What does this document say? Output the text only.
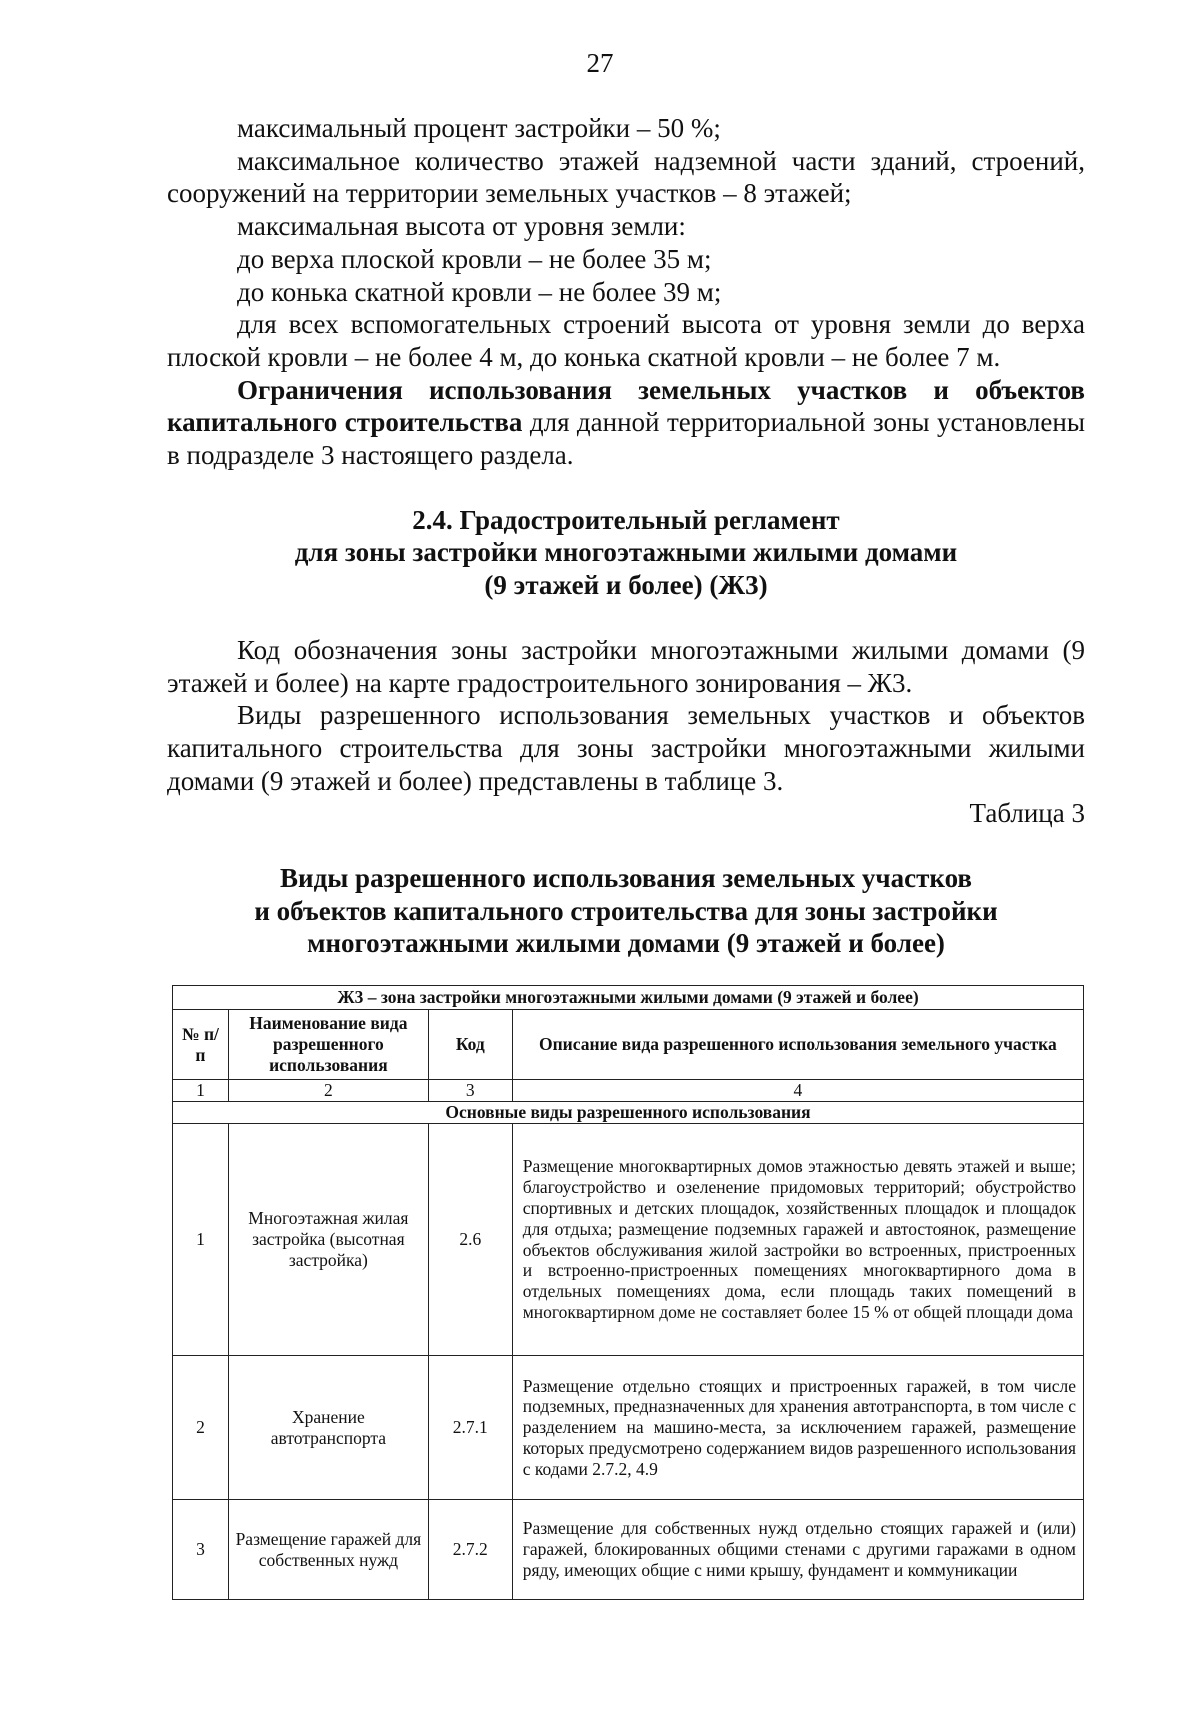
27

максимальный процент застройки – 50 %;

максимальное количество этажей надземной части зданий, строений, сооружений на территории земельных участков – 8 этажей;

максимальная высота от уровня земли:

до верха плоской кровли – не более 35 м;

до конька скатной кровли – не более 39 м;

для всех вспомогательных строений высота от уровня земли до верха плоской кровли – не более 4 м, до конька скатной кровли – не более 7 м.

Ограничения использования земельных участков и объектов капитального строительства для данной территориальной зоны установлены в подразделе 3 настоящего раздела.

2.4. Градостроительный регламент
для зоны застройки многоэтажными жилыми домами
(9 этажей и более) (Ж3)

Код обозначения зоны застройки многоэтажными жилыми домами (9 этажей и более) на карте градостроительного зонирования – Ж3.

Виды разрешенного использования земельных участков и объектов капитального строительства для зоны застройки многоэтажными жилыми домами (9 этажей и более) представлены в таблице 3.

Таблица 3

Виды разрешенного использования земельных участков
и объектов капитального строительства для зоны застройки
многоэтажными жилыми домами (9 этажей и более)
Ж3 – зона застройки многоэтажными жилыми домами (9 этажей и более)			
№ п/п	Наименование вида разрешенного использования	Код	Описание вида разрешенного использования земельного участка
1	2	3	4
Основные виды разрешенного использования			
1	Многоэтажная жилая застройка (высотная застройка)	2.6	Размещение многоквартирных домов этажностью девять этажей и выше; благоустройство и озеленение придомовых территорий; обустройство спортивных и детских площадок, хозяйственных площадок и площадок для отдыха; размещение подземных гаражей и автостоянок, размещение объектов обслуживания жилой застройки во встроенных, пристроенных и встроенно-пристроенных помещениях многоквартирного дома в отдельных помещениях дома, если площадь таких помещений в многоквартирном доме не составляет более 15 % от общей площади дома
2	Хранение автотранспорта	2.7.1	Размещение отдельно стоящих и пристроенных гаражей, в том числе подземных, предназначенных для хранения автотранспорта, в том числе с разделением на машино-места, за исключением гаражей, размещение которых предусмотрено содержанием видов разрешенного использования с кодами 2.7.2, 4.9
3	Размещение гаражей для собственных нужд	2.7.2	Размещение для собственных нужд отдельно стоящих гаражей и (или) гаражей, блокированных общими стенами с другими гаражами в одном ряду, имеющих общие с ними крышу, фундамент и коммуникации
